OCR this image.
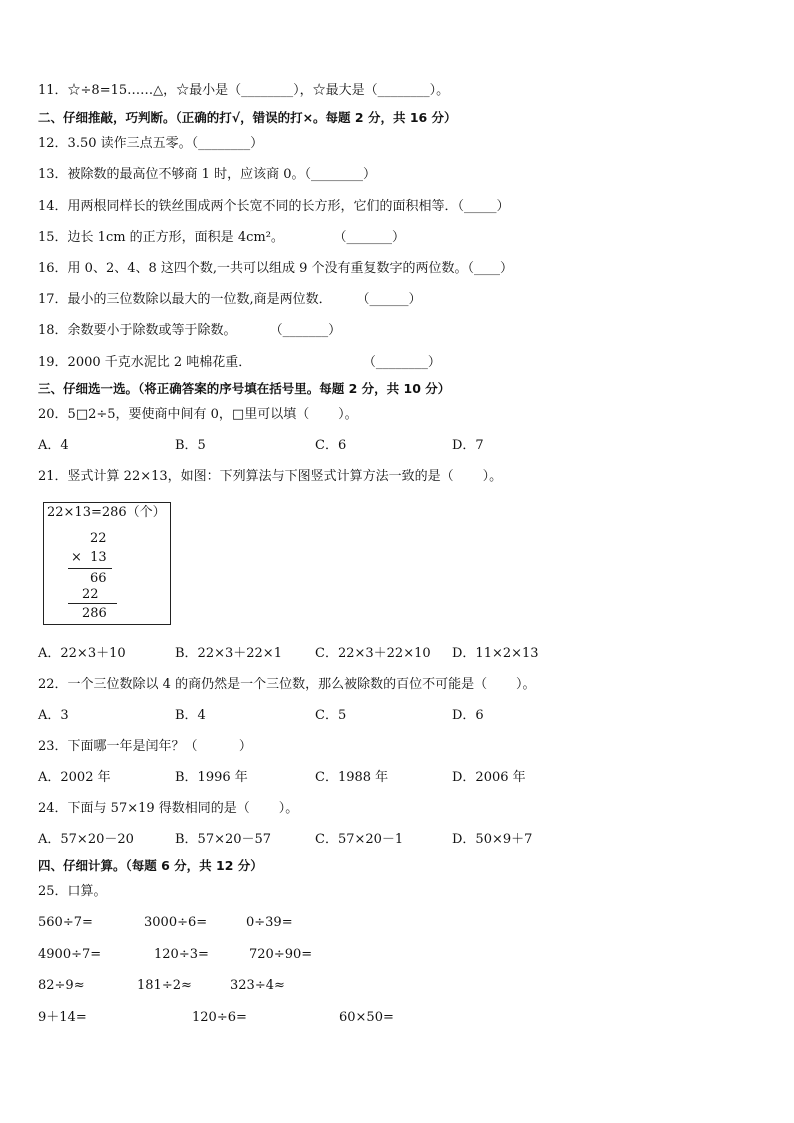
11．☆÷8=15……△，☆最小是（________），☆最大是（________）。
二、仔细推敲，巧判断。（正确的打√，错误的打×。每题 2 分，共 16 分）
12．3.50 读作三点五零。（________）
13．被除数的最高位不够商 1 时，应该商 0。（________）
14．用两根同样长的铁丝围成两个长宽不同的长方形，它们的面积相等．（_____）
15．边长 1cm 的正方形，面积是 4cm²。            （_______）
16．用 0、2、4、8 这四个数,一共可以组成 9 个没有重复数字的两位数。（____）
17．最小的三位数除以最大的一位数,商是两位数．      （______）
18．余数要小于除数或等于除数。        （_______）
19．2000 千克水泥比 2 吨棉花重．                           （________）
三、仔细选一选。（将正确答案的序号填在括号里。每题 2 分，共 10 分）
20．5□2÷5，要使商中间有 0，□里可以填（       ）。
A．4	B．5	C．6	D．7
21．竖式计算 22×13，如图：下列算法与下图竖式计算方法一致的是（       ）。
22×13=286（个）
22
×  13
66
22
286
A．22×3＋10	B．22×3＋22×1	C．22×3＋22×10 D．11×2×13
22．一个三位数除以 4 的商仍然是一个三位数，那么被除数的百位不可能是（       ）。
A．3	B．4	C．5	D．6
23．下面哪一年是闰年？（          ）
A．2002 年	B．1996 年	C．1988 年	D．2006 年
24．下面与 57×19 得数相同的是（       ）。
A．57×20－20	B．57×20－57	C．57×20－1	D．50×9＋7
四、仔细计算。（每题 6 分，共 12 分）
25．口算。
560÷7=	3000÷6=	0÷39=
4900÷7=	120÷3=	720÷90=
82÷9≈	181÷2≈	323÷4≈
9＋14=	120÷6=	60×50=
